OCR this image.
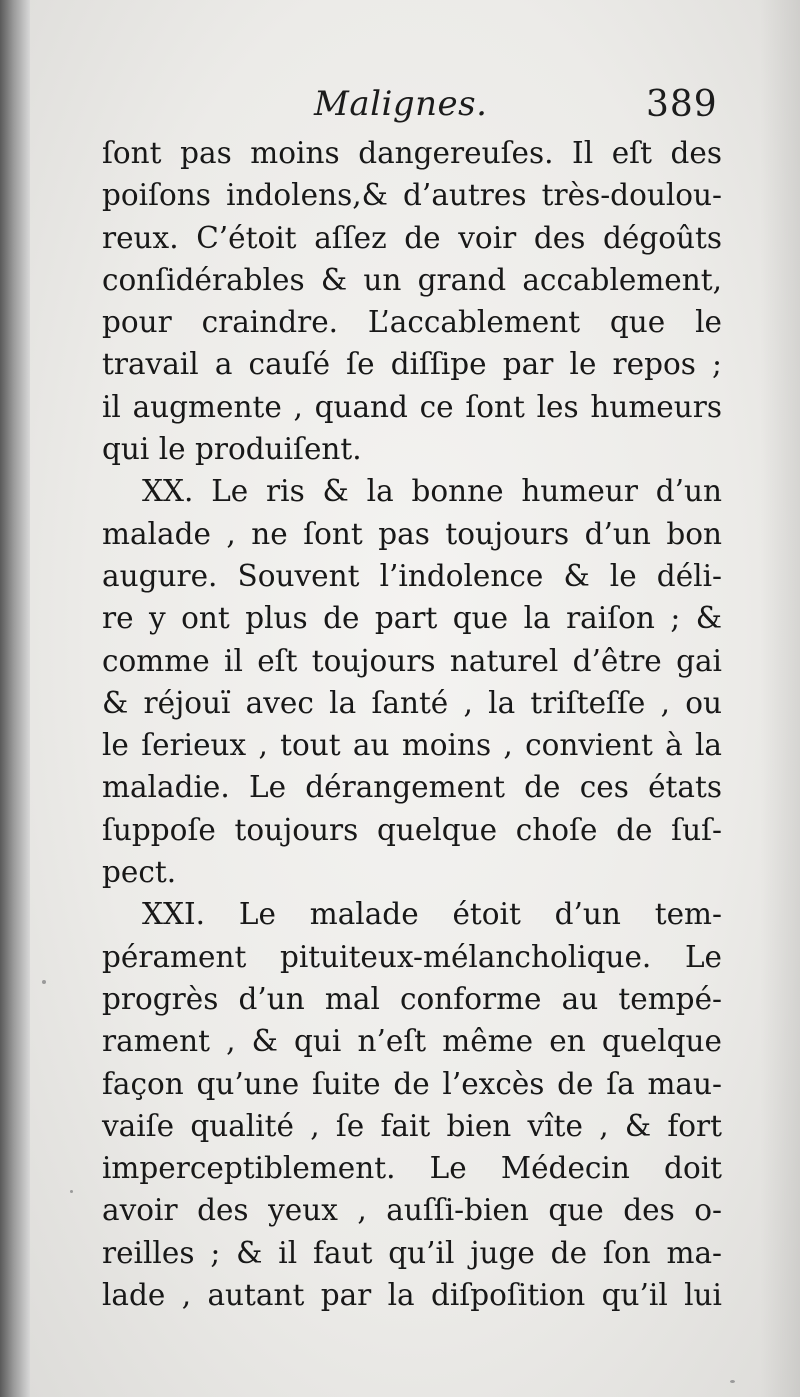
Malignes.	389
ſont pas moins dangereuſes. Il eſt des
poiſons indolens,& d’autres très-doulou-
reux. C’étoit aſſez de voir des dégoûts
conſidérables & un grand accablement,
pour craindre. L’accablement que le
travail a cauſé ſe diſſipe par le repos ;
il augmente , quand ce ſont les humeurs
qui le produiſent.
XX. Le ris & la bonne humeur d’un
malade , ne ſont pas toujours d’un bon
augure. Souvent l’indolence & le déli-
re y ont plus de part que la raiſon ; &
comme il eſt toujours naturel d’être gai
& réjouï avec la ſanté , la triſteſſe , ou
le ſerieux , tout au moins , convient à la
maladie. Le dérangement de ces états
ſuppoſe toujours quelque choſe de ſuſ-
pect.
XXI. Le malade étoit d’un tem-
pérament pituiteux-mélancholique. Le
progrès d’un mal conforme au tempé-
rament , & qui n’eſt même en quelque
façon qu’une ſuite de l’excès de ſa mau-
vaiſe qualité , ſe fait bien vîte , & fort
imperceptiblement. Le Médecin doit
avoir des yeux , auſſi-bien que des o-
reilles ; & il faut qu’il juge de ſon ma-
lade , autant par la diſpoſition qu’il lui
